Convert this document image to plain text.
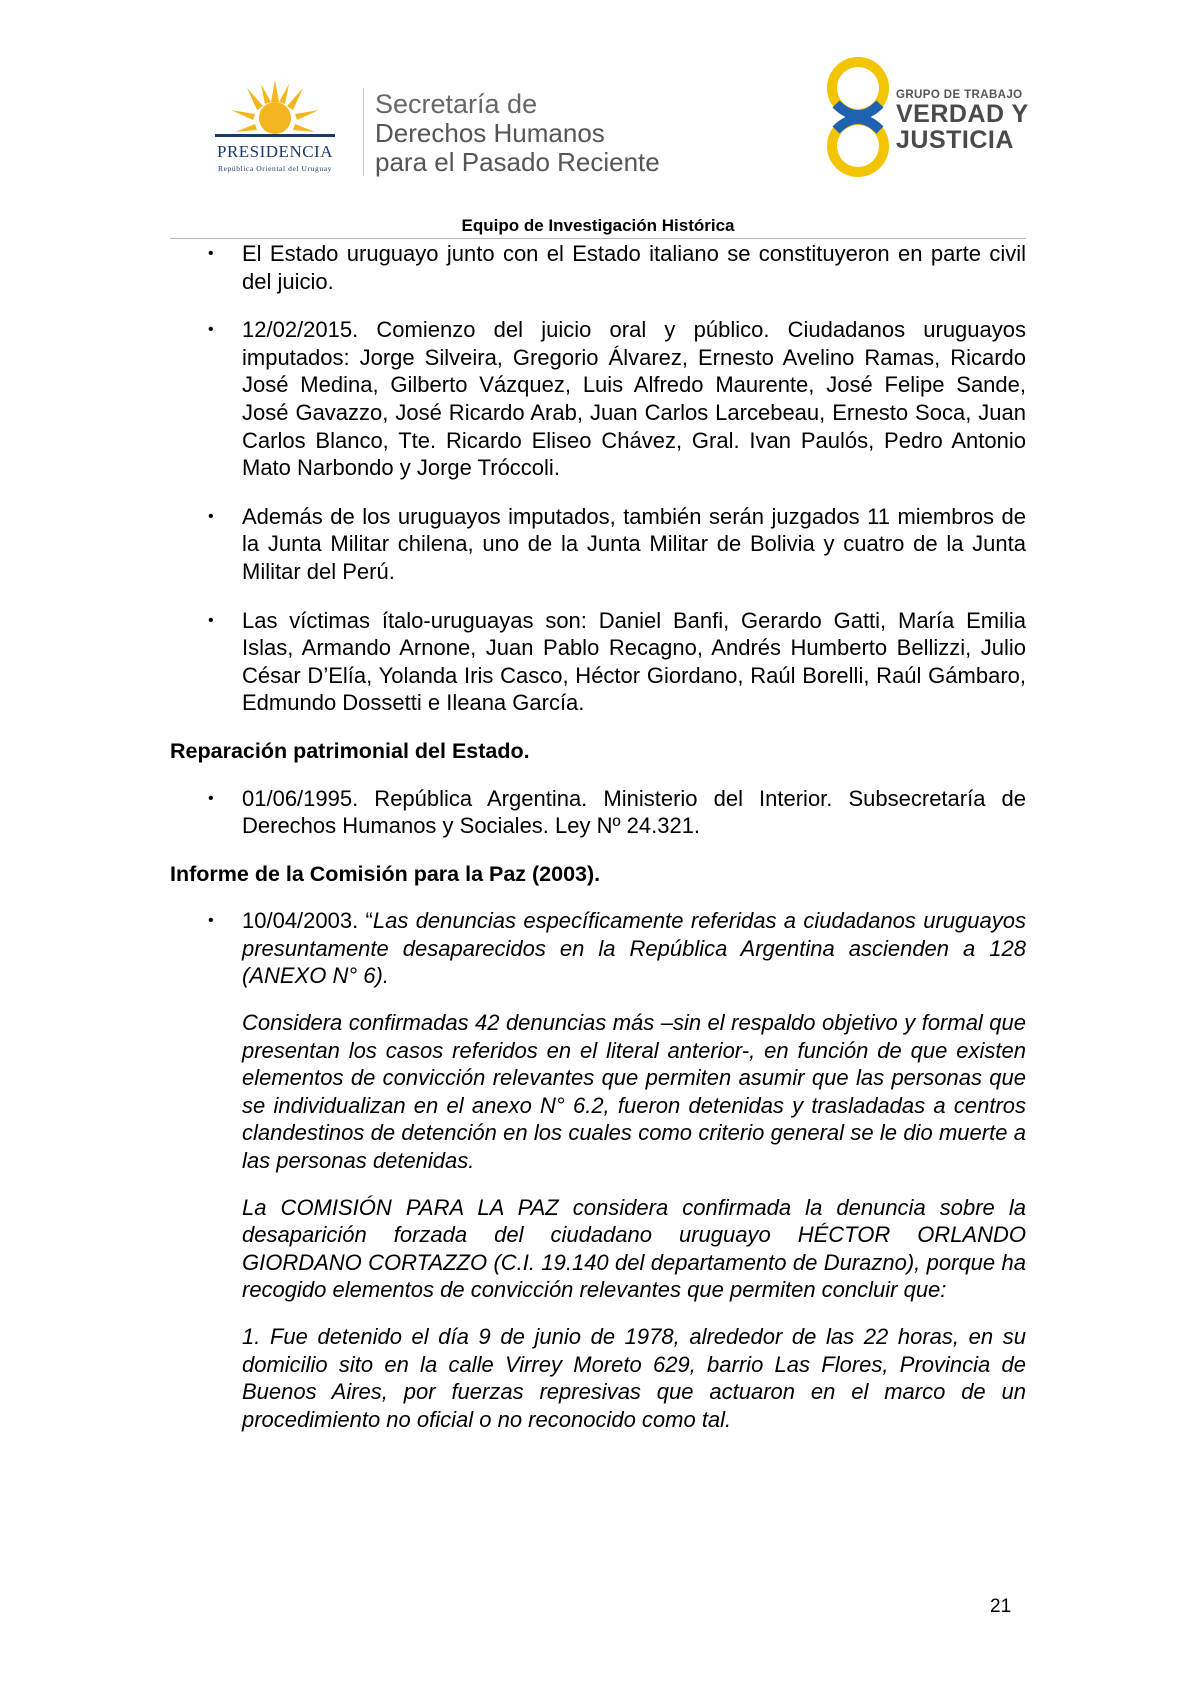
PRESIDENCIA
República Oriental del Uruguay
Secretaría de
Derechos Humanos
para el Pasado Reciente
GRUPO DE TRABAJO
VERDAD Y
JUSTICIA
Equipo de Investigación Histórica
• El Estado uruguayo junto con el Estado italiano se constituyeron en parte civil del juicio.

• 12/02/2015. Comienzo del juicio oral y público. Ciudadanos uruguayos imputados: Jorge Silveira, Gregorio Álvarez, Ernesto Avelino Ramas, Ricardo José Medina, Gilberto Vázquez, Luis Alfredo Maurente, José Felipe Sande, José Gavazzo, José Ricardo Arab, Juan Carlos Larcebeau, Ernesto Soca, Juan Carlos Blanco, Tte. Ricardo Eliseo Chávez, Gral. Ivan Paulós, Pedro Antonio Mato Narbondo y Jorge Tróccoli.

• Además de los uruguayos imputados, también serán juzgados 11 miembros de la Junta Militar chilena, uno de la Junta Militar de Bolivia y cuatro de la Junta Militar del Perú.

• Las víctimas ítalo-uruguayas son: Daniel Banfi, Gerardo Gatti, María Emilia Islas, Armando Arnone, Juan Pablo Recagno, Andrés Humberto Bellizzi, Julio César D’Elía, Yolanda Iris Casco, Héctor Giordano, Raúl Borelli, Raúl Gámbaro, Edmundo Dossetti e Ileana García.

Reparación patrimonial del Estado.
• 01/06/1995. República Argentina. Ministerio del Interior. Subsecretaría de Derechos Humanos y Sociales. Ley Nº 24.321.

Informe de la Comisión para la Paz (2003).
• 10/04/2003. “Las denuncias específicamente referidas a ciudadanos uruguayos presuntamente desaparecidos en la República Argentina ascienden a 128 (ANEXO N° 6).

Considera confirmadas 42 denuncias más –sin el respaldo objetivo y formal que presentan los casos referidos en el literal anterior-, en función de que existen elementos de convicción relevantes que permiten asumir que las personas que se individualizan en el anexo N° 6.2, fueron detenidas y trasladadas a centros clandestinos de detención en los cuales como criterio general se le dio muerte a las personas detenidas.

La COMISIÓN PARA LA PAZ considera confirmada la denuncia sobre la desaparición forzada del ciudadano uruguayo HÉCTOR ORLANDO GIORDANO CORTAZZO (C.I. 19.140 del departamento de Durazno), porque ha recogido elementos de convicción relevantes que permiten concluir que:

1. Fue detenido el día 9 de junio de 1978, alrededor de las 22 horas, en su domicilio sito en la calle Virrey Moreto 629, barrio Las Flores, Provincia de Buenos Aires, por fuerzas represivas que actuaron en el marco de un procedimiento no oficial o no reconocido como tal.

21
